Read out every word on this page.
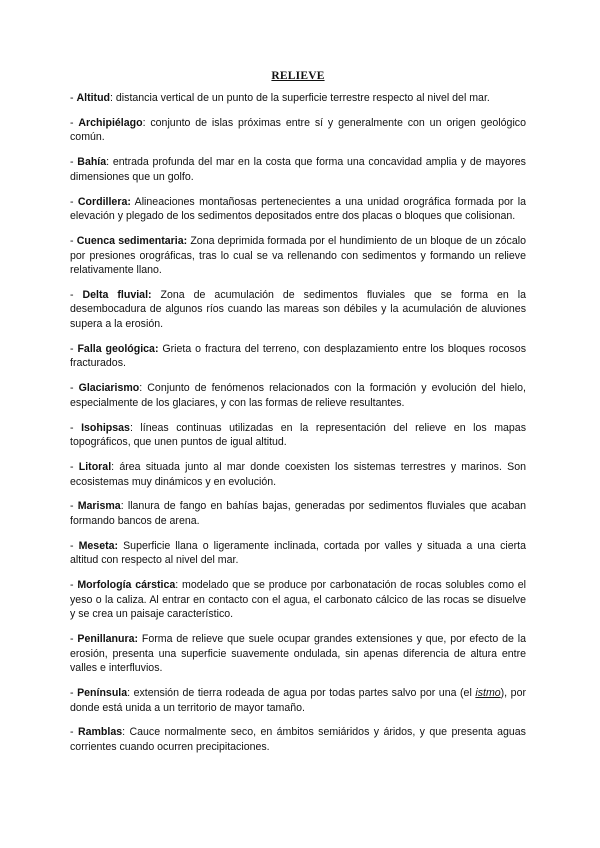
RELIEVE

- Altitud: distancia vertical de un punto de la superficie terrestre respecto al nivel del mar.

- Archipiélago: conjunto de islas próximas entre sí y generalmente con un origen geológico común.

- Bahía: entrada profunda del mar en la costa que forma una concavidad amplia y de mayores dimensiones que un golfo.

- Cordillera: Alineaciones montañosas pertenecientes a una unidad orográfica formada por la elevación y plegado de los sedimentos depositados entre dos placas o bloques que colisionan.

- Cuenca sedimentaria: Zona deprimida formada por el hundimiento de un bloque de un zócalo por presiones orográficas, tras lo cual se va rellenando con sedimentos y formando un relieve relativamente llano.

- Delta fluvial: Zona de acumulación de sedimentos fluviales que se forma en la desembocadura de algunos ríos cuando las mareas son débiles y la acumulación de aluviones supera a la erosión.

- Falla geológica: Grieta o fractura del terreno, con desplazamiento entre los bloques rocosos fracturados.

- Glaciarismo: Conjunto de fenómenos relacionados con la formación y evolución del hielo, especialmente de los glaciares, y con las formas de relieve resultantes.

- Isohipsas: líneas continuas utilizadas en la representación del relieve en los mapas topográficos, que unen puntos de igual altitud.

- Litoral: área situada junto al mar donde coexisten los sistemas terrestres y marinos. Son ecosistemas muy dinámicos y en evolución.

- Marisma: llanura de fango en bahías bajas, generadas por sedimentos fluviales que acaban formando bancos de arena.

- Meseta: Superficie llana o ligeramente inclinada, cortada por valles y situada a una cierta altitud con respecto al nivel del mar.

- Morfología cárstica: modelado que se produce por carbonatación de rocas solubles como el yeso o la caliza. Al entrar en contacto con el agua, el carbonato cálcico de las rocas se disuelve y se crea un paisaje característico.

- Penillanura: Forma de relieve que suele ocupar grandes extensiones y que, por efecto de la erosión, presenta una superficie suavemente ondulada, sin apenas diferencia de altura entre valles e interfluvios.

- Península: extensión de tierra rodeada de agua por todas partes salvo por una (el istmo), por donde está unida a un territorio de mayor tamaño.

- Ramblas: Cauce normalmente seco, en ámbitos semiáridos y áridos, y que presenta aguas corrientes cuando ocurren precipitaciones.
